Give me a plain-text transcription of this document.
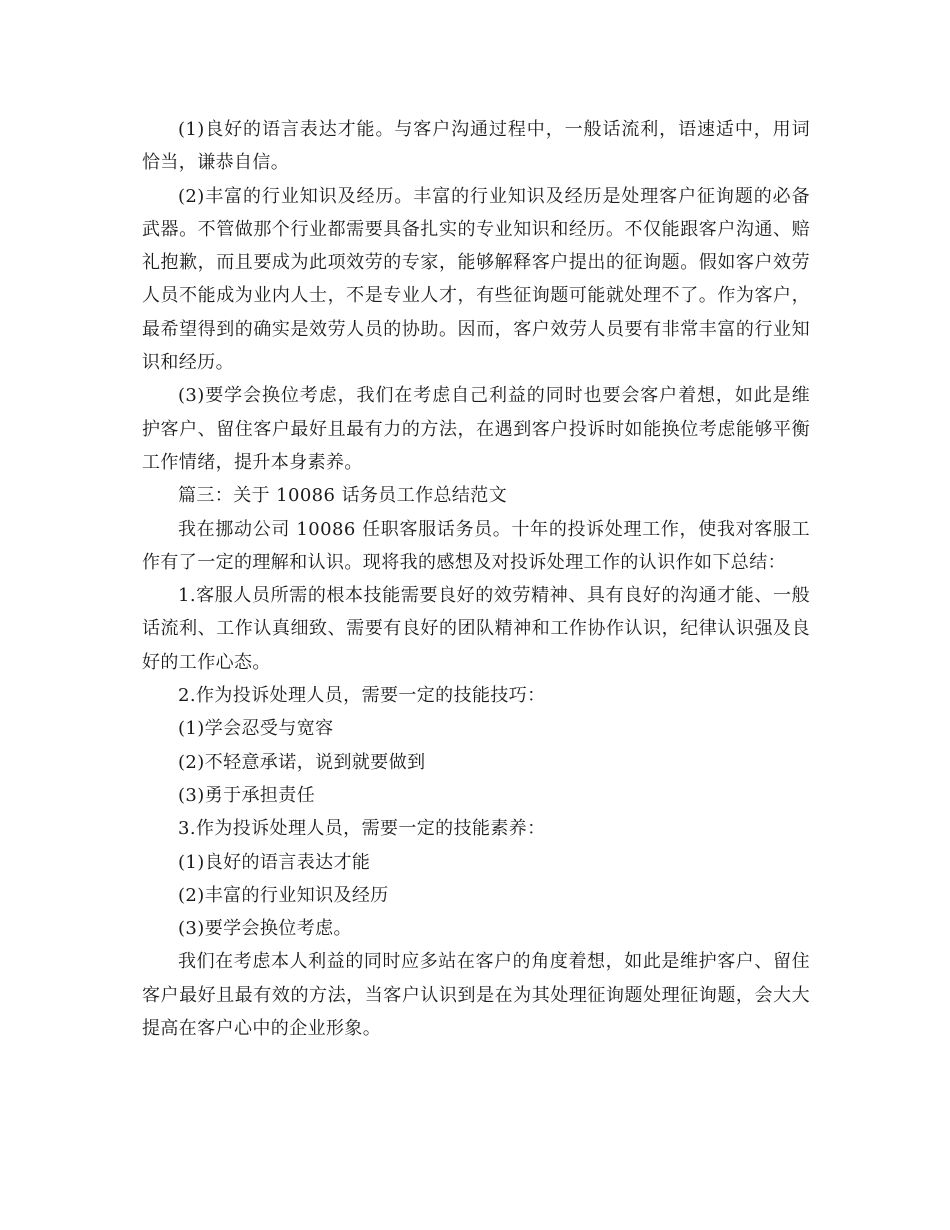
(1)良好的语言表达才能。与客户沟通过程中，一般话流利，语速适中，用词恰当，谦恭自信。

(2)丰富的行业知识及经历。丰富的行业知识及经历是处理客户征询题的必备武器。不管做那个行业都需要具备扎实的专业知识和经历。不仅能跟客户沟通、赔礼抱歉，而且要成为此项效劳的专家，能够解释客户提出的征询题。假如客户效劳人员不能成为业内人士，不是专业人才，有些征询题可能就处理不了。作为客户，最希望得到的确实是效劳人员的协助。因而，客户效劳人员要有非常丰富的行业知识和经历。

(3)要学会换位考虑，我们在考虑自己利益的同时也要会客户着想，如此是维护客户、留住客户最好且最有力的方法，在遇到客户投诉时如能换位考虑能够平衡工作情绪，提升本身素养。

篇三：关于 10086 话务员工作总结范文

我在挪动公司 10086 任职客服话务员。十年的投诉处理工作，使我对客服工作有了一定的理解和认识。现将我的感想及对投诉处理工作的认识作如下总结：

1.客服人员所需的根本技能需要良好的效劳精神、具有良好的沟通才能、一般话流利、工作认真细致、需要有良好的团队精神和工作协作认识，纪律认识强及良好的工作心态。

2.作为投诉处理人员，需要一定的技能技巧：

(1)学会忍受与宽容

(2)不轻意承诺，说到就要做到

(3)勇于承担责任

3.作为投诉处理人员，需要一定的技能素养：

(1)良好的语言表达才能

(2)丰富的行业知识及经历

(3)要学会换位考虑。

我们在考虑本人利益的同时应多站在客户的角度着想，如此是维护客户、留住客户最好且最有效的方法，当客户认识到是在为其处理征询题处理征询题，会大大提高在客户心中的企业形象。
